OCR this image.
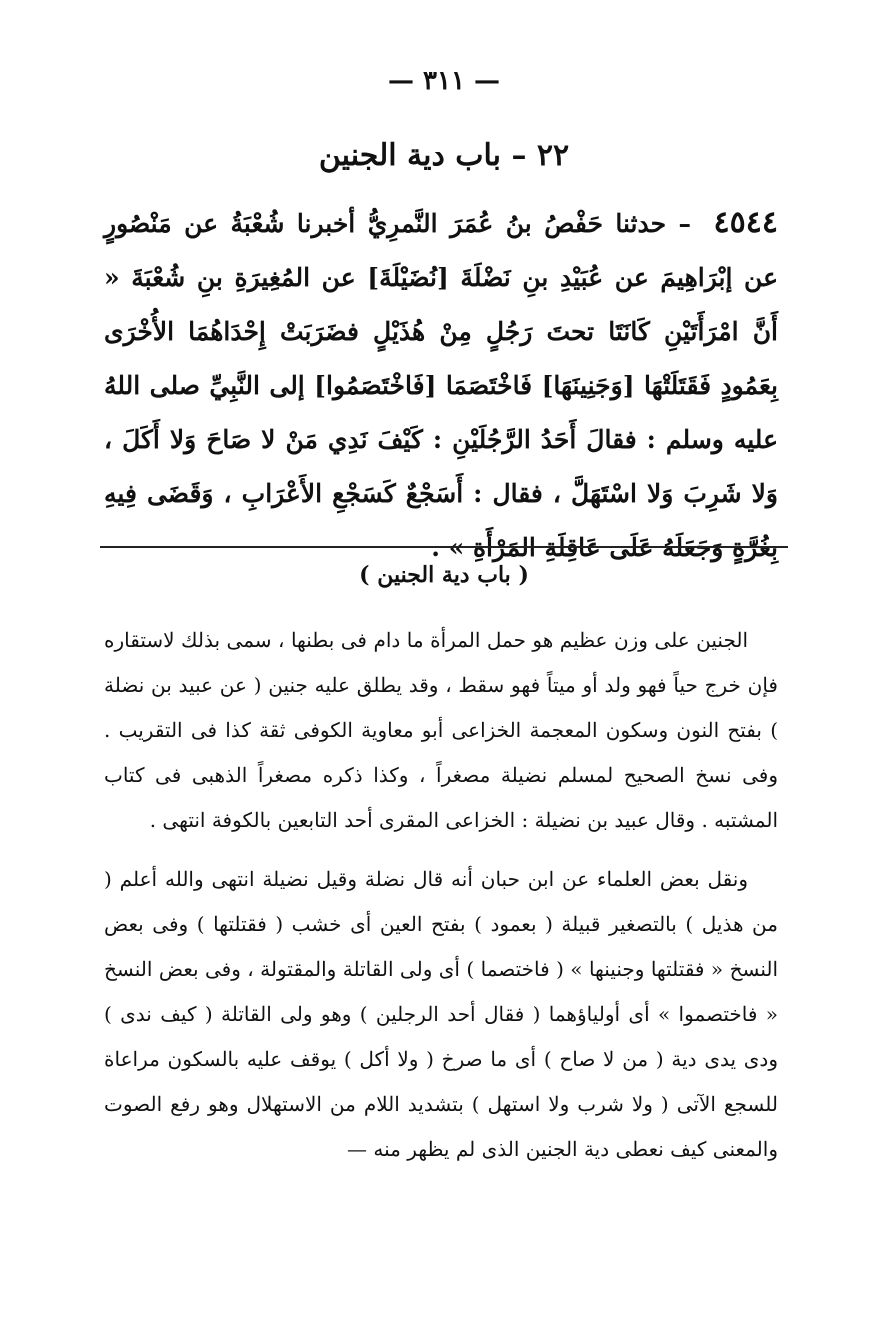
— ٣١١ —
٢٢ – باب دية الجنين
٤٥٤٤ – حدثنا حَفْصُ بنُ عُمَرَ النَّمرِيُّ أخبرنا شُعْبَةُ عن مَنْصُورٍ عن إبْرَاهِيمَ عن عُبَيْدِ بنِ نَضْلَةَ [نُضَيْلَةَ] عن المُغِيرَةِ بنِ شُعْبَةَ « أَنَّ امْرَأَتَيْنِ كَانَتَا تحتَ رَجُلٍ مِنْ هُذَيْلٍ فضَرَبَتْ إِحْدَاهُمَا الأُخْرَى بِعَمُودٍ فَقَتَلَتْهَا [وَجَنِينَهَا] فَاخْتَصَمَا [فَاخْتَصَمُوا] إلى النَّبِيِّ صلى اللهُ عليه وسلم : فقالَ أَحَدُ الرَّجُلَيْنِ : كَيْفَ نَدِي مَنْ لا صَاحَ وَلا أَكَلَ ، وَلا شَرِبَ وَلا اسْتَهَلَّ ، فقال : أَسَجْعٌ كَسَجْعِ الأَعْرَابِ ، وَقَضَى فِيهِ بِغُرَّةٍ وَجَعَلَهُ عَلَى عَاقِلَةِ المَرْأَةِ » .
( باب دية الجنين )

الجنين على وزن عظيم هو حمل المرأة ما دام فى بطنها ، سمى بذلك لاستقاره فإن خرج حياً فهو ولد أو ميتاً فهو سقط ، وقد يطلق عليه جنين ( عن عبيد بن نضلة ) بفتح النون وسكون المعجمة الخزاعى أبو معاوية الكوفى ثقة كذا فى التقريب . وفى نسخ الصحيح لمسلم نضيلة مصغراً ، وكذا ذكره مصغراً الذهبى فى كتاب المشتبه . وقال عبيد بن نضيلة : الخزاعى المقرى أحد التابعين بالكوفة انتهى .

ونقل بعض العلماء عن ابن حبان أنه قال نضلة وقيل نضيلة انتهى والله أعلم ( من هذيل ) بالتصغير قبيلة ( بعمود ) بفتح العين أى خشب ( فقتلتها ) وفى بعض النسخ « فقتلتها وجنينها » ( فاختصما ) أى ولى القاتلة والمقتولة ، وفى بعض النسخ « فاختصموا » أى أولياؤهما ( فقال أحد الرجلين ) وهو ولى القاتلة ( كيف ندى ) ودى يدى دية ( من لا صاح ) أى ما صرخ ( ولا أكل ) يوقف عليه بالسكون مراعاة للسجع الآتى ( ولا شرب ولا استهل ) بتشديد اللام من الاستهلال وهو رفع الصوت والمعنى كيف نعطى دية الجنين الذى لم يظهر منه —
